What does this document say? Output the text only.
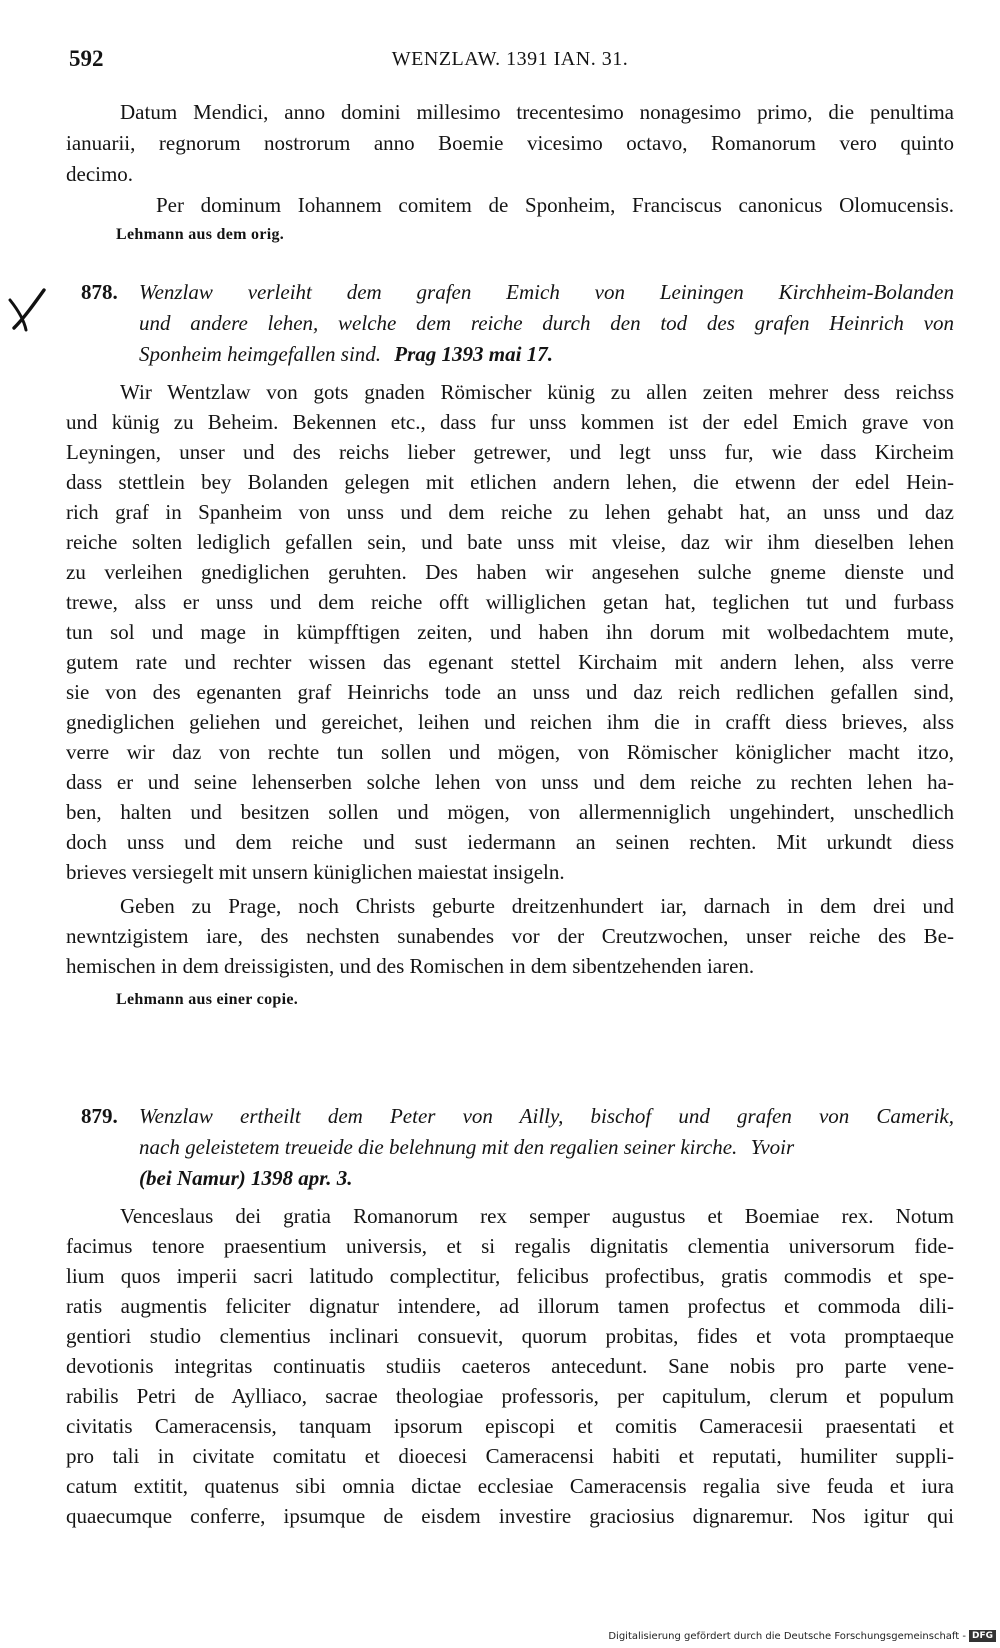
592	WENZLAW. 1391 IAN. 31.
Datum Mendici, anno domini millesimo trecentesimo nonagesimo primo, die penultima
ianuarii, regnorum nostrorum anno Boemie vicesimo octavo, Romanorum vero quinto
decimo.
Per dominum Iohannem comitem de Sponheim, Franciscus canonicus Olomucensis.
Lehmann aus dem orig.
878. Wenzlaw verleiht dem grafen Emich von Leiningen Kirchheim-Bolanden
und andere lehen, welche dem reiche durch den tod des grafen Heinrich von
Sponheim heimgefallen sind. Prag 1393 mai 17.
Wir Wentzlaw von gots gnaden Römischer künig zu allen zeiten mehrer dess reichss
und künig zu Beheim. Bekennen etc., dass fur unss kommen ist der edel Emich grave von
Leyningen, unser und des reichs lieber getrewer, und legt unss fur, wie dass Kircheim
dass stettlein bey Bolanden gelegen mit etlichen andern lehen, die etwenn der edel Hein-
rich graf in Spanheim von unss und dem reiche zu lehen gehabt hat, an unss und daz
reiche solten lediglich gefallen sein, und bate unss mit vleise, daz wir ihm dieselben lehen
zu verleihen gnediglichen geruhten. Des haben wir angesehen sulche gneme dienste und
trewe, alss er unss und dem reiche offt williglichen getan hat, teglichen tut und furbass
tun sol und mage in kümpfftigen zeiten, und haben ihn dorum mit wolbedachtem mute,
gutem rate und rechter wissen das egenant stettel Kirchaim mit andern lehen, alss verre
sie von des egenanten graf Heinrichs tode an unss und daz reich redlichen gefallen sind,
gnediglichen geliehen und gereichet, leihen und reichen ihm die in crafft diess brieves, alss
verre wir daz von rechte tun sollen und mögen, von Römischer königlicher macht itzo,
dass er und seine lehenserben solche lehen von unss und dem reiche zu rechten lehen ha-
ben, halten und besitzen sollen und mögen, von allermenniglich ungehindert, unschedlich
doch unss und dem reiche und sust iedermann an seinen rechten. Mit urkundt diess
brieves versiegelt mit unsern küniglichen maiestat insigeln.
Geben zu Prage, noch Christs geburte dreitzenhundert iar, darnach in dem drei und
newntzigistem iare, des nechsten sunabendes vor der Creutzwochen, unser reiche des Be-
hemischen in dem dreissigisten, und des Romischen in dem sibentzehenden iaren.
Lehmann aus einer copie.
879. Wenzlaw ertheilt dem Peter von Ailly, bischof und grafen von Camerik,
nach geleistetem treueide die belehnung mit den regalien seiner kirche. Yvoir
(bei Namur) 1398 apr. 3.
Venceslaus dei gratia Romanorum rex semper augustus et Boemiae rex. Notum
facimus tenore praesentium universis, et si regalis dignitatis clementia universorum fide-
lium quos imperii sacri latitudo complectitur, felicibus profectibus, gratis commodis et spe-
ratis augmentis feliciter dignatur intendere, ad illorum tamen profectus et commoda dili-
gentiori studio clementius inclinari consuevit, quorum probitas, fides et vota promptaeque
devotionis integritas continuatis studiis caeteros antecedunt. Sane nobis pro parte vene-
rabilis Petri de Aylliaco, sacrae theologiae professoris, per capitulum, clerum et populum
civitatis Cameracensis, tanquam ipsorum episcopi et comitis Cameracesii praesentati et
pro tali in civitate comitatu et dioecesi Cameracensi habiti et reputati, humiliter suppli-
catum extitit, quatenus sibi omnia dictae ecclesiae Cameracensis regalia sive feuda et iura
quaecumque conferre, ipsumque de eisdem investire graciosius dignaremur. Nos igitur qui
Digitalisierung gefördert durch die Deutsche Forschungsgemeinschaft - DFG
